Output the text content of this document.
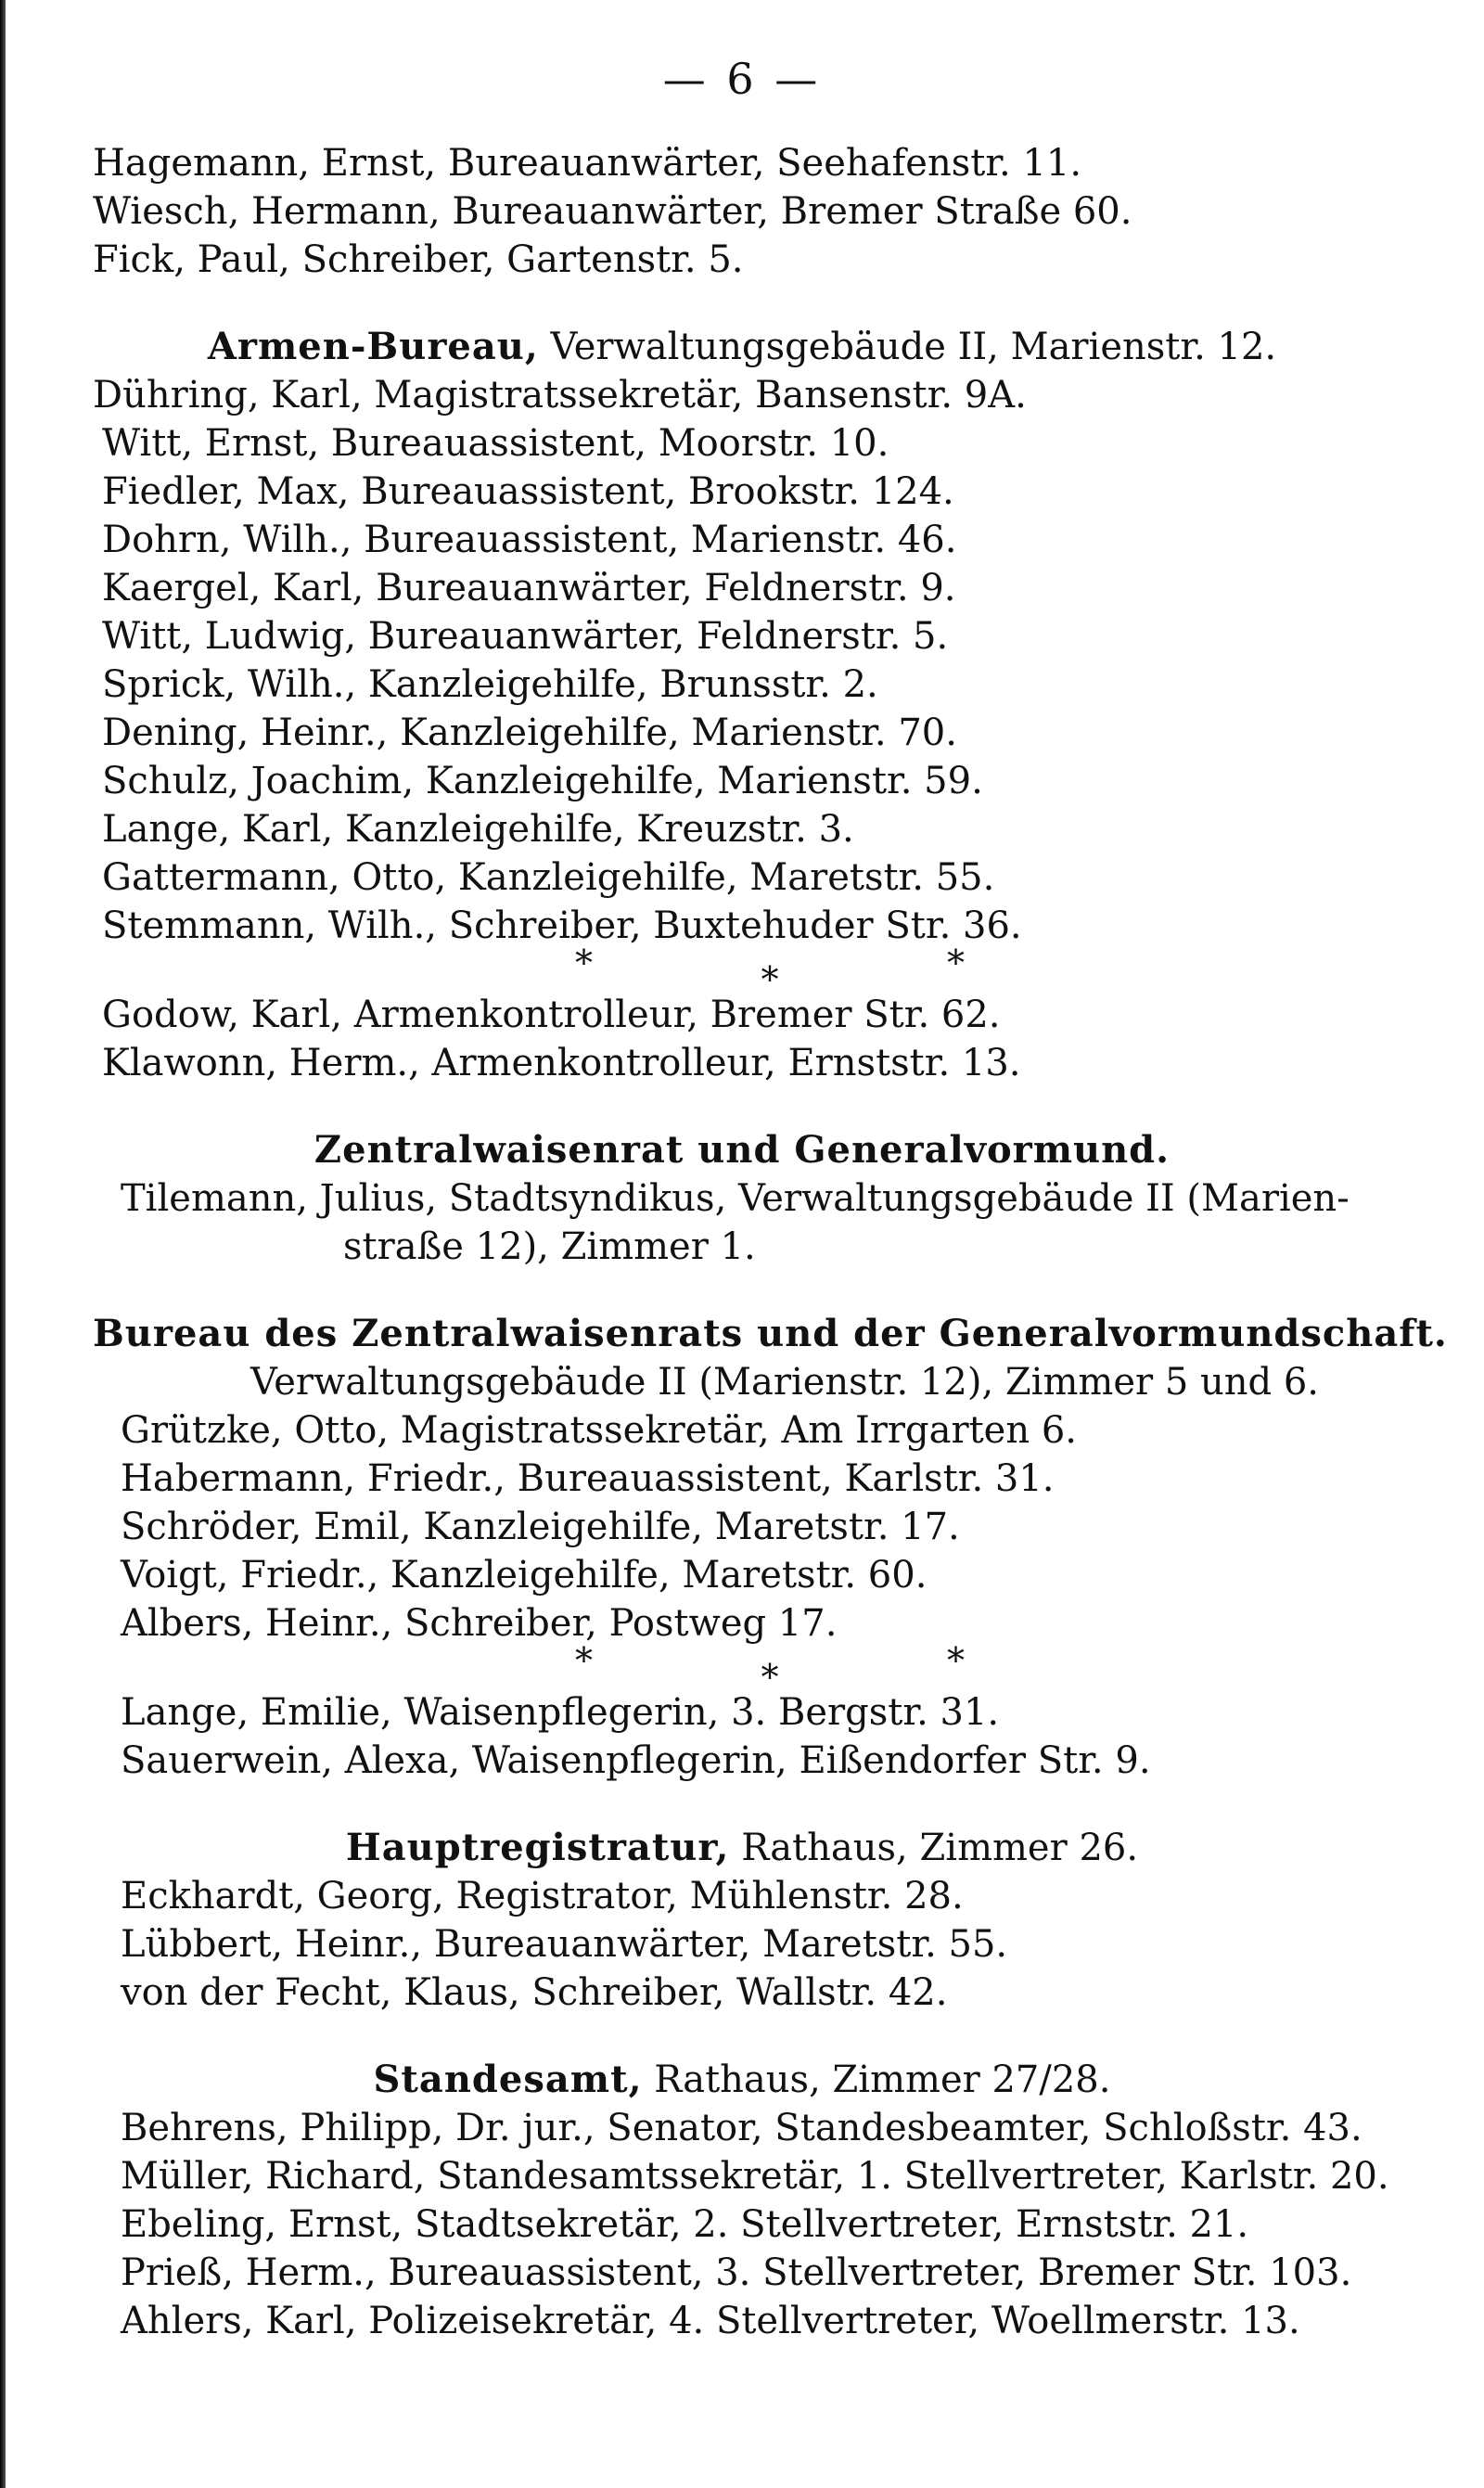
— 6 —
Hagemann, Ernst, Bureauanwärter, Seehafenstr. 11.
Wiesch, Hermann, Bureauanwärter, Bremer Straße 60.
Fick, Paul, Schreiber, Gartenstr. 5.
Armen-Bureau, Verwaltungsgebäude II, Marienstr. 12.
Dühring, Karl, Magistratssekretär, Bansenstr. 9A.
Witt, Ernst, Bureauassistent, Moorstr. 10.
Fiedler, Max, Bureauassistent, Brookstr. 124.
Dohrn, Wilh., Bureauassistent, Marienstr. 46.
Kaergel, Karl, Bureauanwärter, Feldnerstr. 9.
Witt, Ludwig, Bureauanwärter, Feldnerstr. 5.
Sprick, Wilh., Kanzleigehilfe, Brunsstr. 2.
Dening, Heinr., Kanzleigehilfe, Marienstr. 70.
Schulz, Joachim, Kanzleigehilfe, Marienstr. 59.
Lange, Karl, Kanzleigehilfe, Kreuzstr. 3.
Gattermann, Otto, Kanzleigehilfe, Maretstr. 55.
Stemmann, Wilh., Schreiber, Buxtehuder Str. 36.
*	*	*
Godow, Karl, Armenkontrolleur, Bremer Str. 62.
Klawonn, Herm., Armenkontrolleur, Ernststr. 13.
Zentralwaisenrat und Generalvormund.
Tilemann, Julius, Stadtsyndikus, Verwaltungsgebäude II (Marien-
straße 12), Zimmer 1.
Bureau des Zentralwaisenrats und der Generalvormundschaft.
Verwaltungsgebäude II (Marienstr. 12), Zimmer 5 und 6.
Grützke, Otto, Magistratssekretär, Am Irrgarten 6.
Habermann, Friedr., Bureauassistent, Karlstr. 31.
Schröder, Emil, Kanzleigehilfe, Maretstr. 17.
Voigt, Friedr., Kanzleigehilfe, Maretstr. 60.
Albers, Heinr., Schreiber, Postweg 17.
*	*	*
Lange, Emilie, Waisenpflegerin, 3. Bergstr. 31.
Sauerwein, Alexa, Waisenpflegerin, Eißendorfer Str. 9.
Hauptregistratur, Rathaus, Zimmer 26.
Eckhardt, Georg, Registrator, Mühlenstr. 28.
Lübbert, Heinr., Bureauanwärter, Maretstr. 55.
von der Fecht, Klaus, Schreiber, Wallstr. 42.
Standesamt, Rathaus, Zimmer 27/28.
Behrens, Philipp, Dr. jur., Senator, Standesbeamter, Schloßstr. 43.
Müller, Richard, Standesamtssekretär, 1. Stellvertreter, Karlstr. 20.
Ebeling, Ernst, Stadtsekretär, 2. Stellvertreter, Ernststr. 21.
Prieß, Herm., Bureauassistent, 3. Stellvertreter, Bremer Str. 103.
Ahlers, Karl, Polizeisekretär, 4. Stellvertreter, Woellmerstr. 13.
